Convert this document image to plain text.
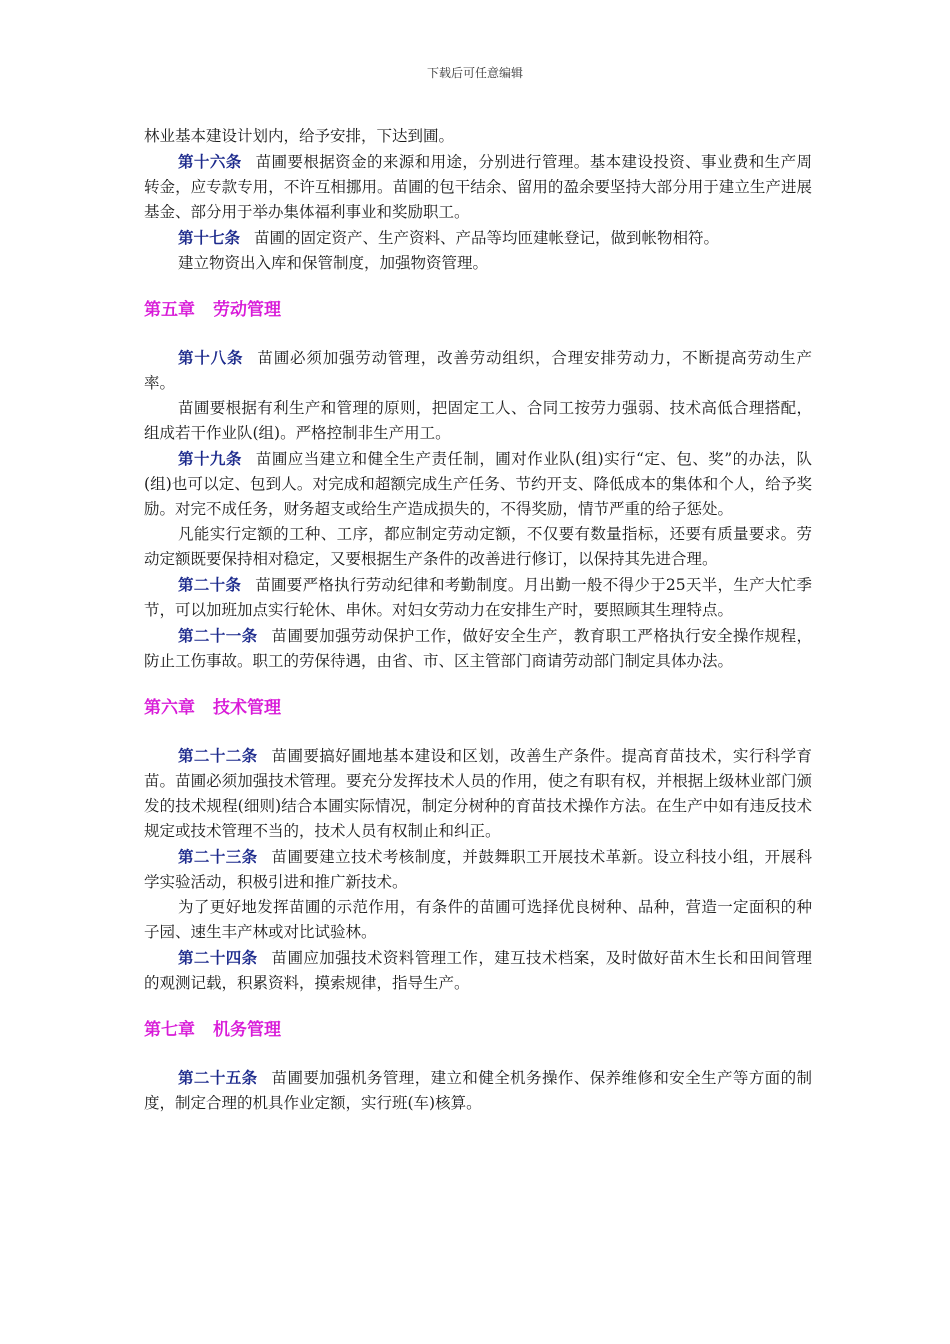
下载后可任意编辑

林业基本建设计划内，给予安排，下达到圃。

第十六条 苗圃要根据资金的来源和用途，分别进行管理。基本建设投资、事业费和生产周转金，应专款专用，不许互相挪用。苗圃的包干结余、留用的盈余要坚持大部分用于建立生产进展基金、部分用于举办集体福利事业和奖励职工。

第十七条 苗圃的固定资产、生产资料、产品等均匝建帐登记，做到帐物相符。

建立物资出入库和保管制度，加强物资管理。

第五章 劳动管理

第十八条 苗圃必须加强劳动管理，改善劳动组织，合理安排劳动力，不断提高劳动生产率。

苗圃要根据有利生产和管理的原则，把固定工人、合同工按劳力强弱、技术高低合理搭配，组成若干作业队(组)。严格控制非生产用工。

第十九条 苗圃应当建立和健全生产责任制，圃对作业队(组)实行“定、包、奖”的办法，队(组)也可以定、包到人。对完成和超额完成生产任务、节约开支、降低成本的集体和个人，给予奖励。对完不成任务，财务超支或给生产造成损失的，不得奖励，情节严重的给子惩处。

凡能实行定额的工种、工序，都应制定劳动定额，不仅要有数量指标，还要有质量要求。劳动定额既要保持相对稳定，又要根据生产条件的改善进行修订，以保持其先进合理。

第二十条 苗圃要严格执行劳动纪律和考勤制度。月出勤一般不得少于25天半，生产大忙季节，可以加班加点实行轮休、串休。对妇女劳动力在安排生产时，要照顾其生理特点。

第二十一条 苗圃要加强劳动保护工作，做好安全生产，教育职工严格执行安全操作规程，防止工伤事故。职工的劳保待遇，由省、市、区主管部门商请劳动部门制定具体办法。

第六章 技术管理

第二十二条 苗圃要搞好圃地基本建设和区划，改善生产条件。提高育苗技术，实行科学育苗。苗圃必须加强技术管理。要充分发挥技术人员的作用，使之有职有权，并根据上级林业部门颁发的技术规程(细则)结合本圃实际情况，制定分树种的育苗技术操作方法。在生产中如有违反技术规定或技术管理不当的，技术人员有权制止和纠正。

第二十三条 苗圃要建立技术考核制度，并鼓舞职工开展技术革新。设立科技小组，开展科学实验活动，积极引进和推广新技术。

为了更好地发挥苗圃的示范作用，有条件的苗圃可选择优良树种、品种，营造一定面积的种子园、速生丰产林或对比试验林。

第二十四条 苗圃应加强技术资料管理工作，建互技术档案，及时做好苗木生长和田间管理的观测记载，积累资料，摸索规律，指导生产。

第七章 机务管理

第二十五条 苗圃要加强机务管理，建立和健全机务操作、保养维修和安全生产等方面的制度，制定合理的机具作业定额，实行班(车)核算。
